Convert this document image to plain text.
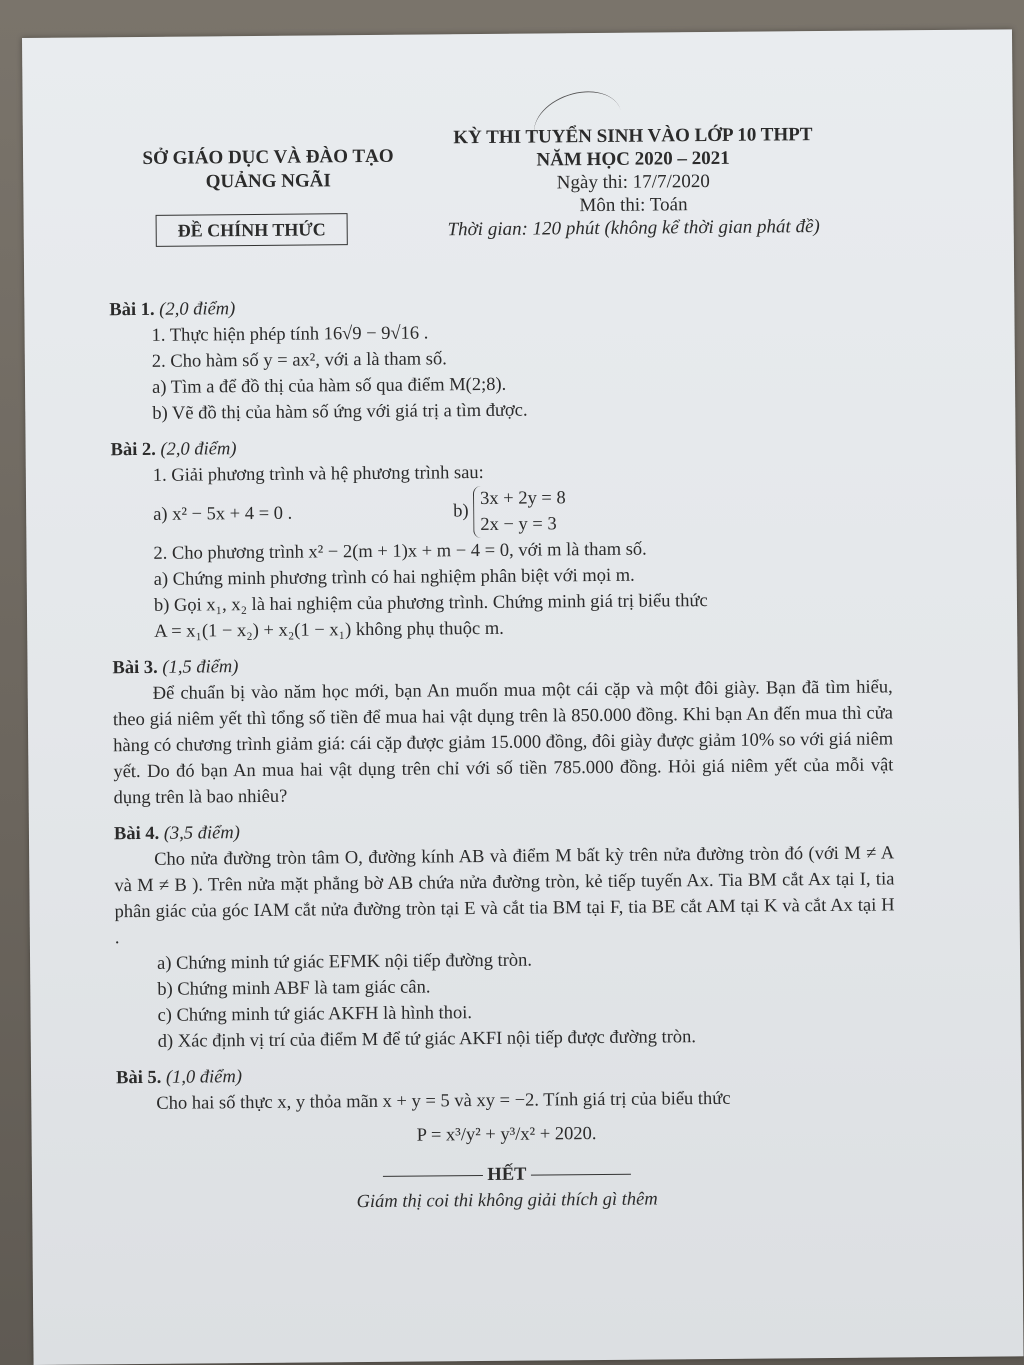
SỞ GIÁO DỤC VÀ ĐÀO TẠO
QUẢNG NGÃI
ĐỀ CHÍNH THỨC
KỲ THI TUYỂN SINH VÀO LỚP 10 THPT
NĂM HỌC 2020 – 2021
Ngày thi: 17/7/2020
Môn thi: Toán
Thời gian: 120 phút (không kể thời gian phát đề)
Bài 1. (2,0 điểm)
1. Thực hiện phép tính 16√9 − 9√16 .
2. Cho hàm số y = ax², với a là tham số.
a) Tìm a để đồ thị của hàm số qua điểm M(2;8).
b) Vẽ đồ thị của hàm số ứng với giá trị a tìm được.
Bài 2. (2,0 điểm)
1. Giải phương trình và hệ phương trình sau:
a) x² − 5x + 4 = 0 .	b)
3x + 2y = 8
2x − y = 3
2. Cho phương trình x² − 2(m + 1)x + m − 4 = 0, với m là tham số.
a) Chứng minh phương trình có hai nghiệm phân biệt với mọi m.
b) Gọi x₁, x₂ là hai nghiệm của phương trình. Chứng minh giá trị biểu thức
A = x₁(1 − x₂) + x₂(1 − x₁) không phụ thuộc m.
Bài 3. (1,5 điểm)
Để chuẩn bị vào năm học mới, bạn An muốn mua một cái cặp và một đôi giày. Bạn đã tìm hiểu, theo giá niêm yết thì tổng số tiền để mua hai vật dụng trên là 850.000 đồng. Khi bạn An đến mua thì cửa hàng có chương trình giảm giá: cái cặp được giảm 15.000 đồng, đôi giày được giảm 10% so với giá niêm yết. Do đó bạn An mua hai vật dụng trên chỉ với số tiền 785.000 đồng. Hỏi giá niêm yết của mỗi vật dụng trên là bao nhiêu?
Bài 4. (3,5 điểm)
Cho nửa đường tròn tâm O, đường kính AB và điểm M bất kỳ trên nửa đường tròn đó (với M ≠ A và M ≠ B ). Trên nửa mặt phẳng bờ AB chứa nửa đường tròn, kẻ tiếp tuyến Ax. Tia BM cắt Ax tại I, tia phân giác của góc IAM cắt nửa đường tròn tại E và cắt tia BM tại F, tia BE cắt AM tại K và cắt Ax tại H .
a) Chứng minh tứ giác EFMK nội tiếp đường tròn.
b) Chứng minh ABF là tam giác cân.
c) Chứng minh tứ giác AKFH là hình thoi.
d) Xác định vị trí của điểm M để tứ giác AKFI nội tiếp được đường tròn.
Bài 5. (1,0 điểm)
Cho hai số thực x, y thỏa mãn x + y = 5 và xy = −2. Tính giá trị của biểu thức
P = x³/y² + y³/x² + 2020.
HẾT
Giám thị coi thi không giải thích gì thêm
